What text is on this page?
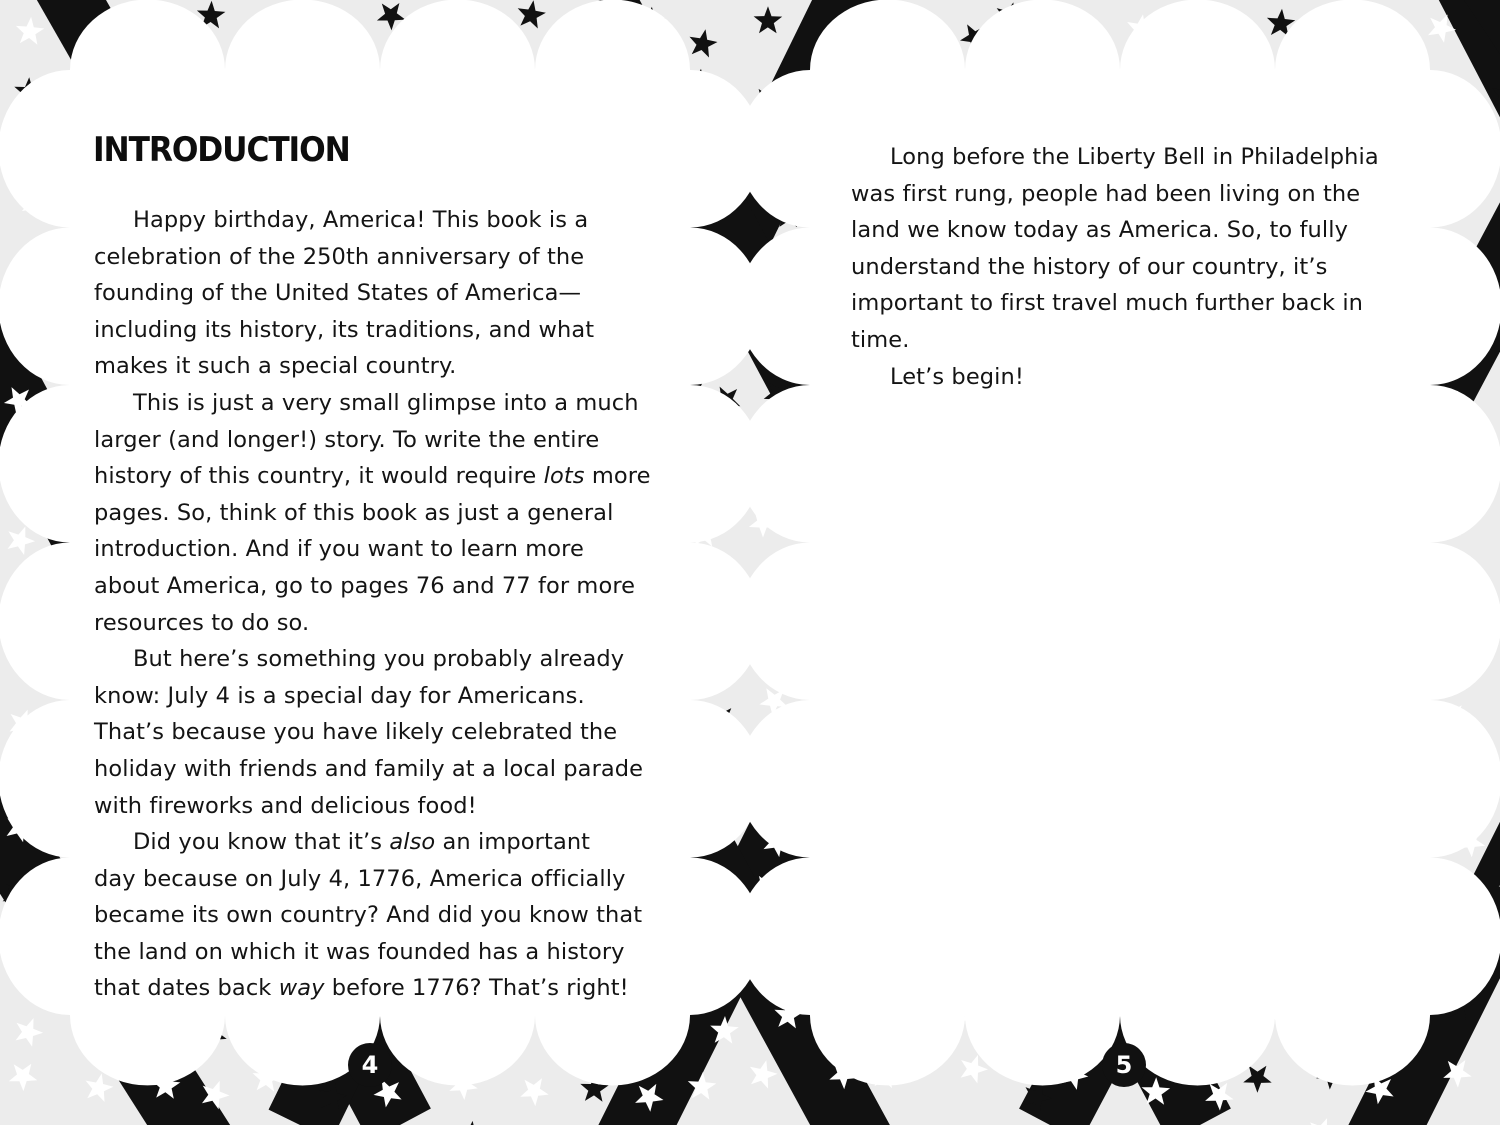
INTRODUCTION
Happy birthday, America! This book is a
celebration of the 250th anniversary of the
founding of the United States of America—
including its history, its traditions, and what
makes it such a special country.
This is just a very small glimpse into a much
larger (and longer!) story. To write the entire
history of this country, it would require lots more
pages. So, think of this book as just a general
introduction. And if you want to learn more
about America, go to pages 76 and 77 for more
resources to do so.
But here’s something you probably already
know: July 4 is a special day for Americans.
That’s because you have likely celebrated the
holiday with friends and family at a local parade
with fireworks and delicious food!
Did you know that it’s also an important
day because on July 4, 1776, America officially
became its own country? And did you know that
the land on which it was founded has a history
that dates back way before 1776? That’s right!
4
Long before the Liberty Bell in Philadelphia
was first rung, people had been living on the
land we know today as America. So, to fully
understand the history of our country, it’s
important to first travel much further back in
time.
Let’s begin!
5
